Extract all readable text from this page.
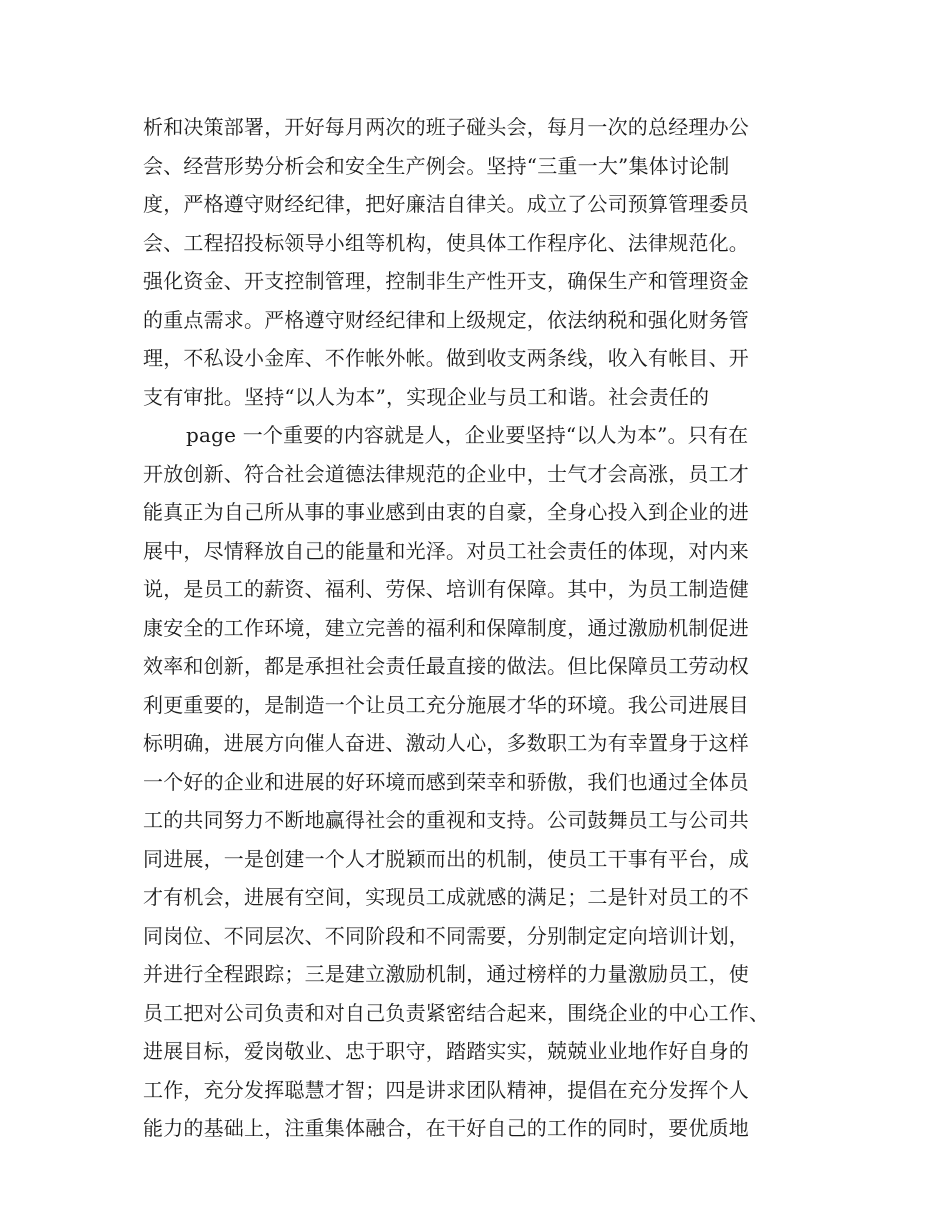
析和决策部署，开好每月两次的班子碰头会，每月一次的总经理办公
会、经营形势分析会和安全生产例会。坚持“三重一大”集体讨论制
度，严格遵守财经纪律，把好廉洁自律关。成立了公司预算管理委员
会、工程招投标领导小组等机构，使具体工作程序化、法律规范化。
强化资金、开支控制管理，控制非生产性开支，确保生产和管理资金
的重点需求。严格遵守财经纪律和上级规定，依法纳税和强化财务管
理，不私设小金库、不作帐外帐。做到收支两条线，收入有帐目、开
支有审批。坚持“以人为本”，实现企业与员工和谐。社会责任的
page 一个重要的内容就是人，企业要坚持“以人为本”。只有在
开放创新、符合社会道德法律规范的企业中，士气才会高涨，员工才
能真正为自己所从事的事业感到由衷的自豪，全身心投入到企业的进
展中，尽情释放自己的能量和光泽。对员工社会责任的体现，对内来
说，是员工的薪资、福利、劳保、培训有保障。其中，为员工制造健
康安全的工作环境，建立完善的福利和保障制度，通过激励机制促进
效率和创新，都是承担社会责任最直接的做法。但比保障员工劳动权
利更重要的，是制造一个让员工充分施展才华的环境。我公司进展目
标明确，进展方向催人奋进、激动人心，多数职工为有幸置身于这样
一个好的企业和进展的好环境而感到荣幸和骄傲，我们也通过全体员
工的共同努力不断地赢得社会的重视和支持。公司鼓舞员工与公司共
同进展，一是创建一个人才脱颖而出的机制，使员工干事有平台，成
才有机会，进展有空间，实现员工成就感的满足；二是针对员工的不
同岗位、不同层次、不同阶段和不同需要，分别制定定向培训计划，
并进行全程跟踪；三是建立激励机制，通过榜样的力量激励员工，使
员工把对公司负责和对自己负责紧密结合起来，围绕企业的中心工作、
进展目标，爱岗敬业、忠于职守，踏踏实实，兢兢业业地作好自身的
工作，充分发挥聪慧才智；四是讲求团队精神，提倡在充分发挥个人
能力的基础上，注重集体融合，在干好自己的工作的同时，要优质地
